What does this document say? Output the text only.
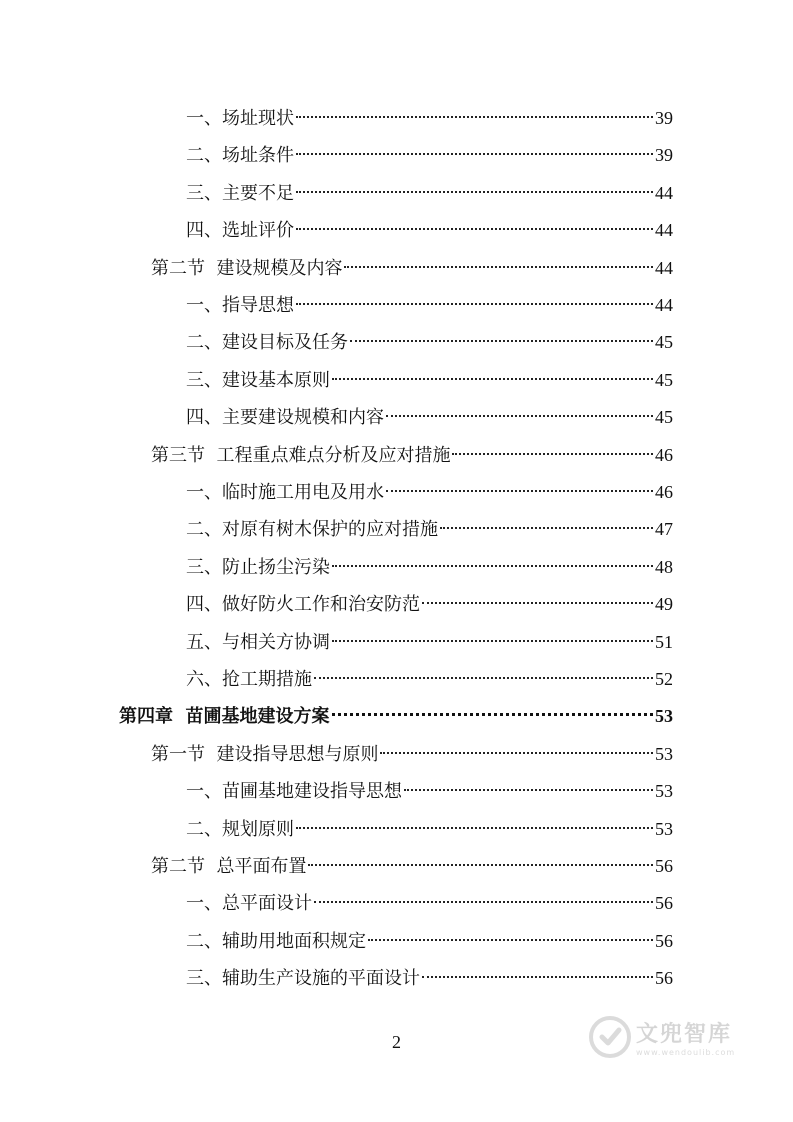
一、场址现状	39
二、场址条件	39
三、主要不足	44
四、选址评价	44
第二节  建设规模及内容	44
一、指导思想	44
二、建设目标及任务	45
三、建设基本原则	45
四、主要建设规模和内容	45
第三节  工程重点难点分析及应对措施	46
一、临时施工用电及用水	46
二、对原有树木保护的应对措施	47
三、防止扬尘污染	48
四、做好防火工作和治安防范	49
五、与相关方协调	51
六、抢工期措施	52
第四章  苗圃基地建设方案	53
第一节  建设指导思想与原则	53
一、苗圃基地建设指导思想	53
二、规划原则	53
第二节  总平面布置	56
一、总平面设计	56
二、辅助用地面积规定	56
三、辅助生产设施的平面设计	56
2	文兜智库
www.wendoulib.com
